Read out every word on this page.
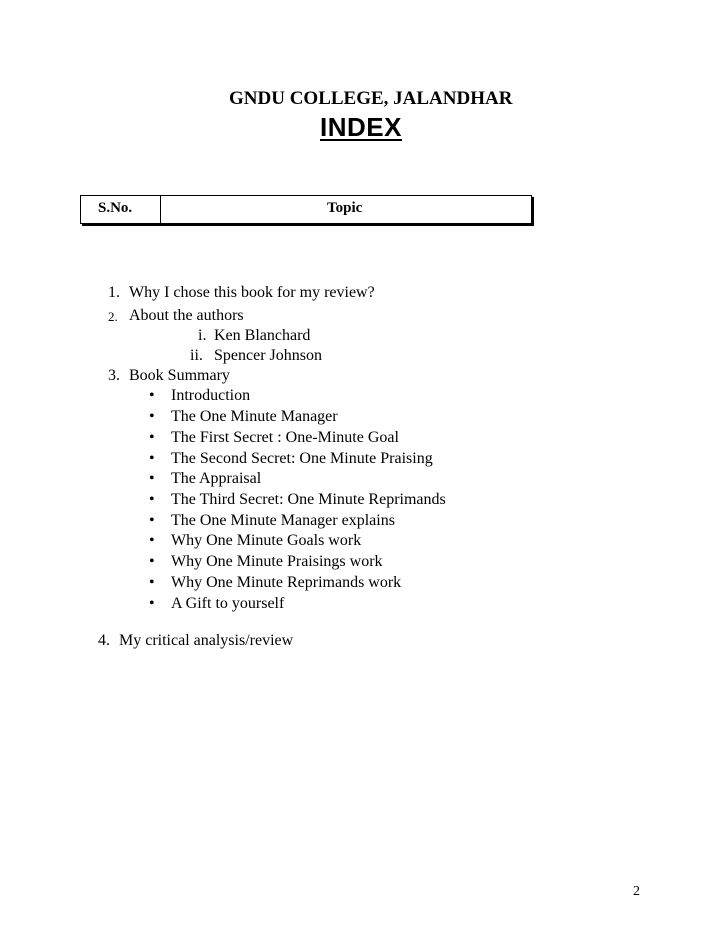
GNDU COLLEGE, JALANDHAR
INDEX
S.No.	Topic
1. Why I chose this book for my review?
2. About the authors
i. Ken Blanchard
ii. Spencer Johnson
3. Book Summary
• Introduction
• The One Minute Manager
• The First Secret : One-Minute Goal
• The Second Secret: One Minute Praising
• The Appraisal
• The Third Secret: One Minute Reprimands
• The One Minute Manager explains
• Why One Minute Goals work
• Why One Minute Praisings work
• Why One Minute Reprimands work
• A Gift to yourself
4. My critical analysis/review
2
